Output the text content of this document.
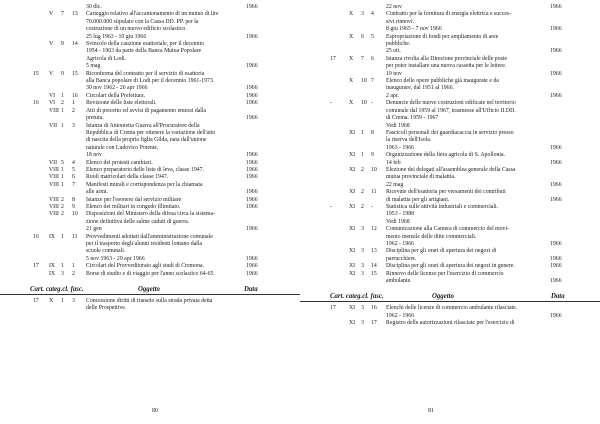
30 dic.	1966
V 7 13 Carteggio relativo all'accantonamento di un mutuo di lire
70.000.000 stipulato con la Cassa DD. PP. per la
costruzione di un nuovo edificio scolastico.
25 lug 1963 - 10 giu 1966	1966
V 9 14 Svincolo della cauzione esattoriale, per il decennio
1954 - 1963 da parte della Banca Mutua Popolare
Agricola di Lodi.
5 mag	1966
15 V 9 15 Riconferma del contratto per il servizio di esattoria
alla Banca popolare di Lodi per il decennio 1961-1973.
30 nov 1962 - 26 apr 1966	1966
VI 1 16 Circolari della Prefettura.	1966
16 VI 2 1 Revisione delle liste elettorali.	1966
VIII 1 2 Atti di precetto ed avvisi di pagamento emessi dalla
pretura.	1966
VII 1 3 Istanza di Antonietta Guerra all'Procuratore della
Repubblica di Crema per ottenere la variazione dell'atto
di nascita della propria figlia Gilda, nata dall'unione
naturale con Ludovico Potente.
18 nov	1966
VII 5 4 Elenco dei protesti cambiari.	1966
VIII 1 5 Elenco preparatorio delle liste di leva, classe 1947.	1966
VIII 1 6 Ruoli matricolari della classe 1947.	1966
VIII 1 7 Manifesti murali e corrispondenza per la chiamata
alle armi.	1966
VIII 2 8 Istanze per l'esonero dal servizio militare	1966
VIII 2 9 Elenco dei militari in congedo illimitato.	1966
VIII 2 10 Disposizioni del Ministero della difesa circa la sistema-
zione definitiva delle salme caduti di guerra.
21 gen	1966
16 IX 1 11 Provvedimenti adottati dall'amministrazione comunale
per il trasporto degli alunni residenti lontano dalla
scuole comunali.
5 nov 1963 - 29 apr 1966	1966
17 IX 1 1 Circolari del Provveditorato agli studi di Cremona.	1966
IX 3 2 Borse di studio e di viaggio per l'anno scolastico 64-65.	1966
Cart. categ.cl. fasc.	Oggetto	Data
17 X 1 3 Concessione diritti di transito sulla strada privata detta
delle Prospettive.
80
22 nov	1966
X 3 4 Contratto per la fornitura di energia elettrica e succes-
sivi rinnovi.
8 giu 1965 - 7 nov 1966	1966
X 6 5 Espropriazione di fondi per ampliamento di aree
pubbliche.
25 ott.	1966
17 X 7 6 Istanza rivolta alla Direzione provinciale delle poste
per poter installare una nuova cassetta per le lettere.
19 nov	1966
X 10 7 Elenco delle opere pubbliche già inaugurate e da
inaugurare, dal 1951 al 1966.
2 apr.	1966
-	X 10 - Denuncie delle nuove costruzioni edificate nel territorio
comunale dal 1959 al 1967, trasmesse all'Ufficio II.DD.
di Crema. 1959 - 1967
Vedi 1968
XI 1 8 Fascicoli personali dei guardiacaccia in servizio presso
la riserva dell'Isola.
1963 - 1966	1966
XI 1 9 Organizzazione della fiera agricola di S. Apollonia.
14 feb	1966
XI 2 10 Elezione dei delegati all'assemblea generale della Cassa
mutua provinciale di malattia.
22 mag	1966
XI 2 11 Ricevute dell'esattoria per versamenti dei contributi
di malattia per gli artigiani.	1966
-	XI 2 - Statistica sulle attività industriali e commerciali.
1953 - 1988
Vedi 1968
XI 3 12 Comunicazione alla Camera di commercio del movi-
mento mensile delle ditte commerciali.
1962 - 1966	1966
XI 3 13 Disciplina per gli orari di apertura dei negozi di
parrucchiere.	1966
XI 3 14 Disciplina per gli orari di apertura dei negozi in genere.	1966
XI 3 15 Rinnovo delle licenze per l'esercizio di commercio
ambulante.	1966
Cart. categ.cl. fasc.	Oggetto	Data
17 XI 3 16 Elenchi delle licenze di commercio ambulante rilasciate.
1962 - 1966	1966
XI 3 17 Registro delle autorizzazioni rilasciate per l'esercizio di
81
